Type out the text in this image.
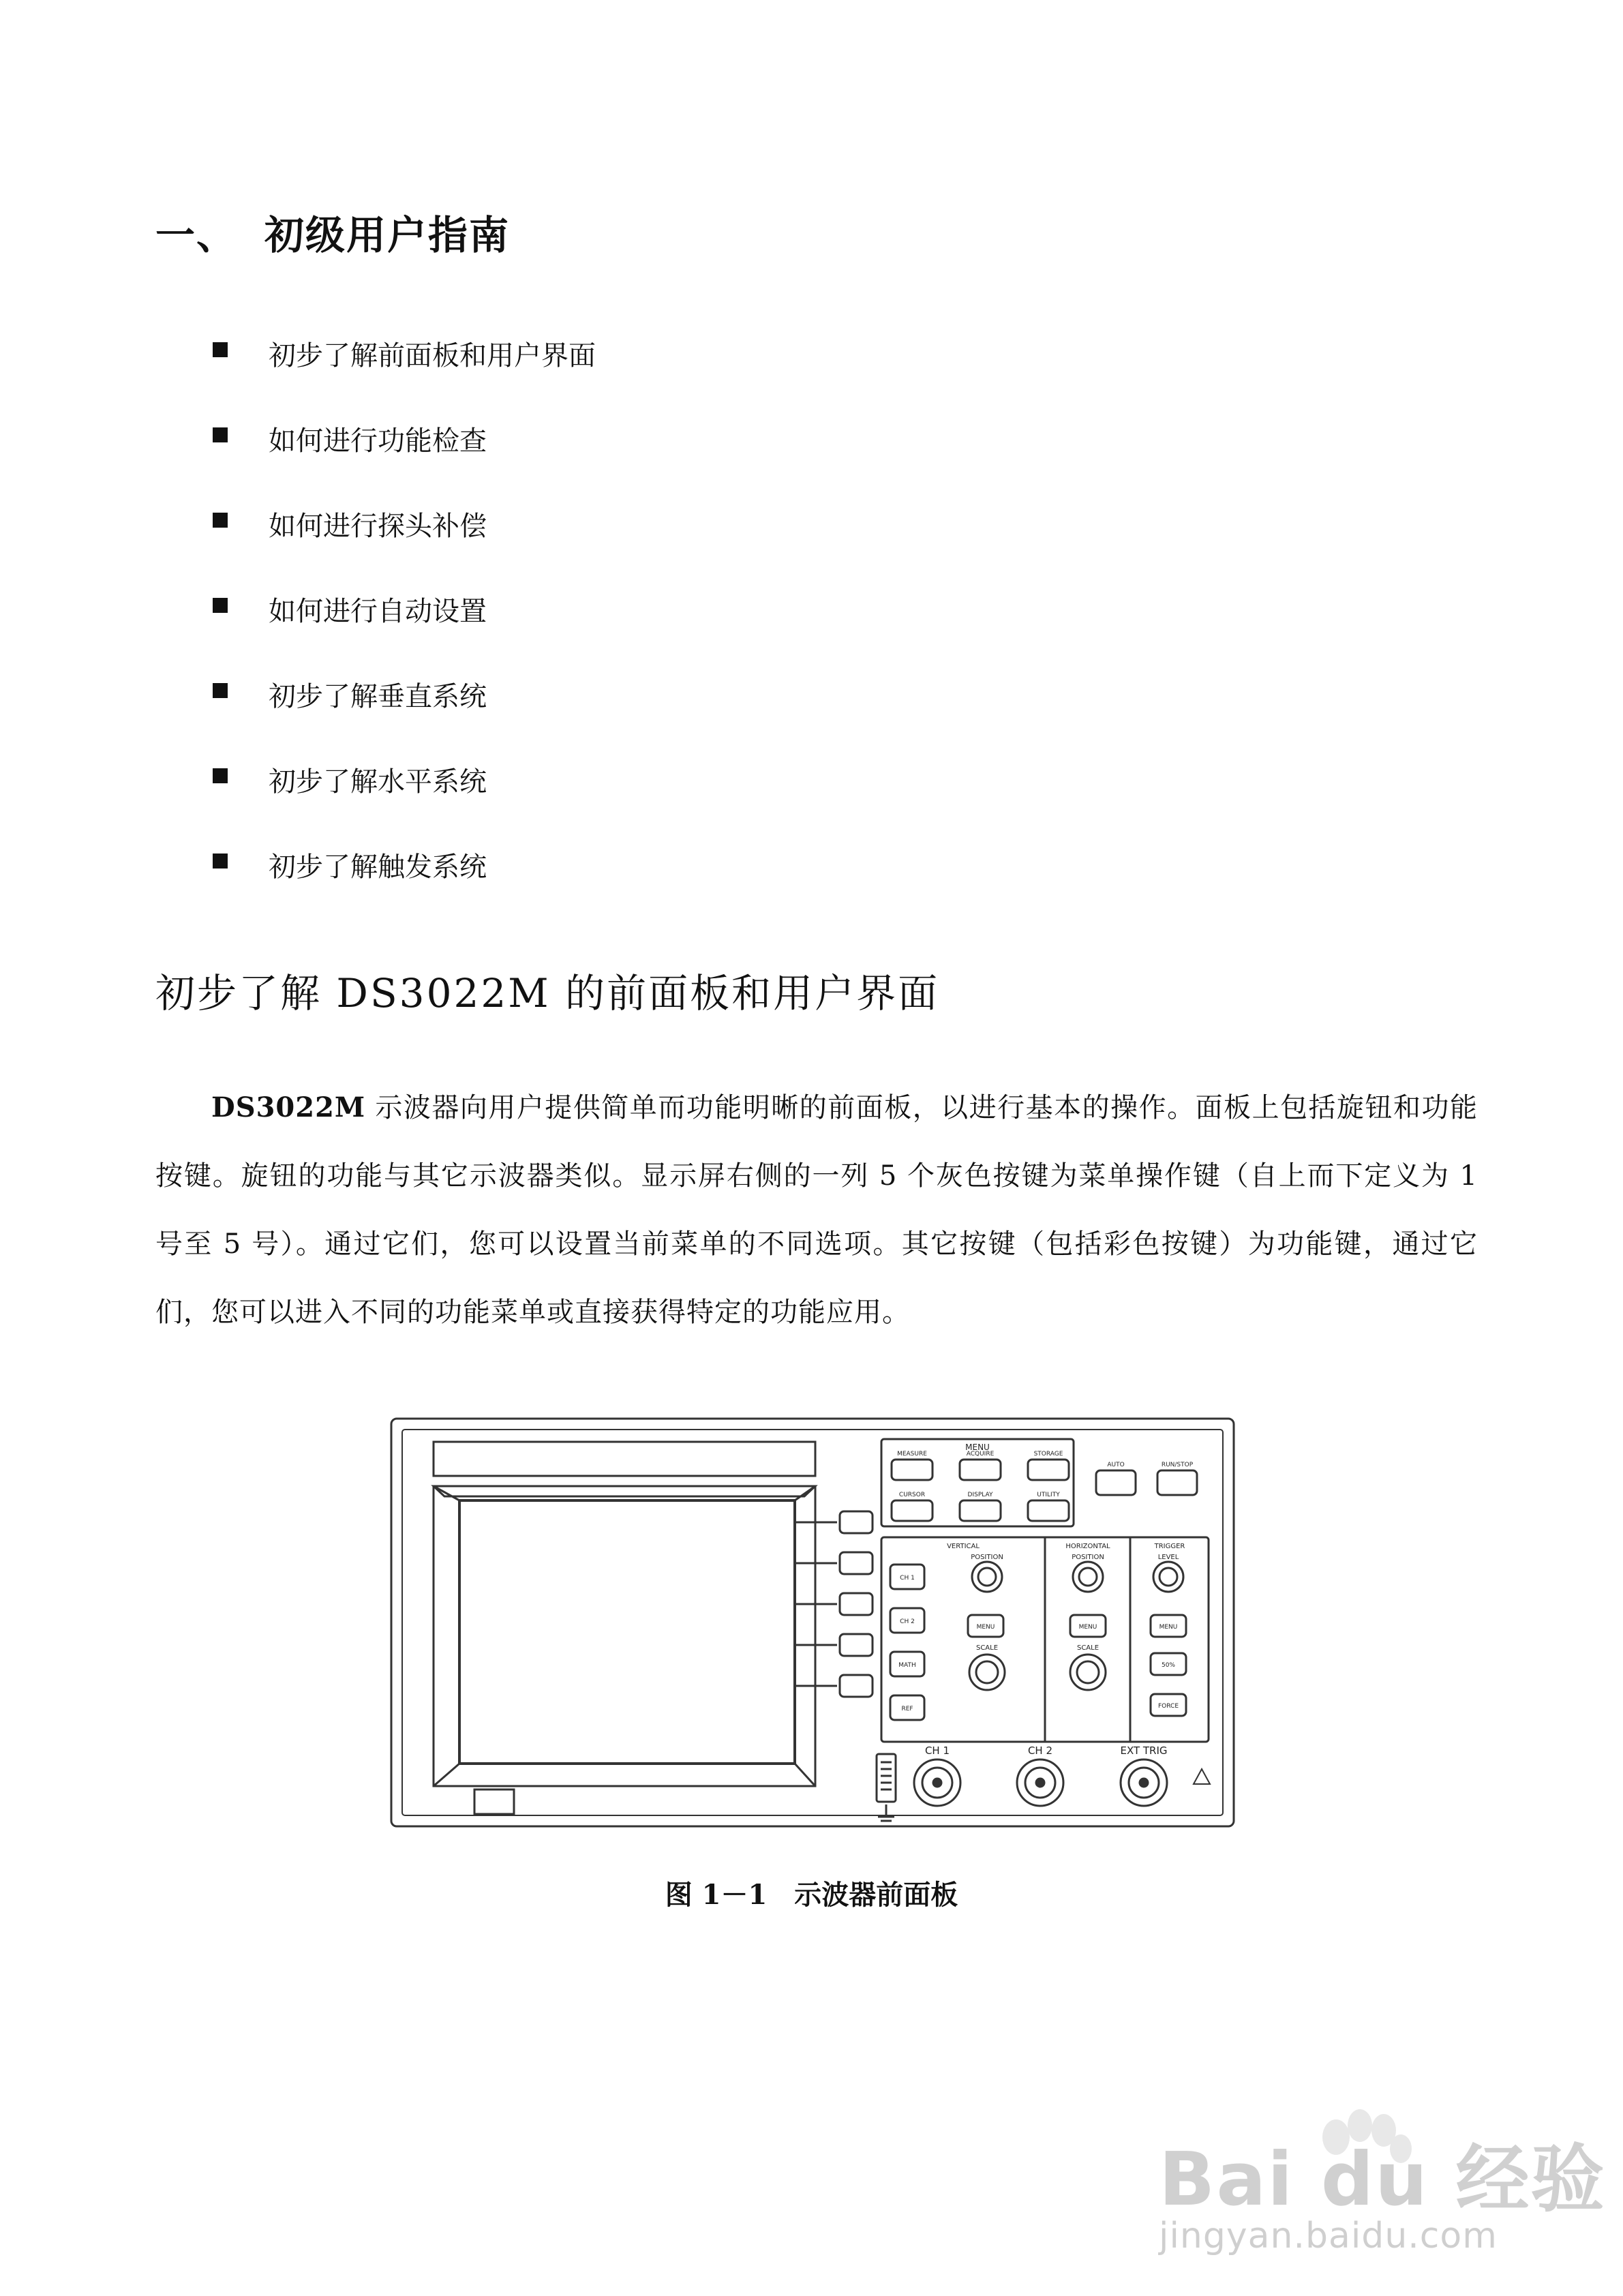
一、 初级用户指南
初步了解前面板和用户界面
如何进行功能检查
如何进行探头补偿
如何进行自动设置
初步了解垂直系统
初步了解水平系统
初步了解触发系统
初步了解 DS3022M 的前面板和用户界面
DS3022M 示波器向用户提供简单而功能明晰的前面板，以进行基本的操作。面板上包括旋钮和功能按键。旋钮的功能与其它示波器类似。显示屏右侧的一列 5 个灰色按键为菜单操作键（自上而下定义为 1 号至 5 号）。通过它们，您可以设置当前菜单的不同选项。其它按键（包括彩色按键）为功能键，通过它们，您可以进入不同的功能菜单或直接获得特定的功能应用。
MENU
MEASURE	ACQUIRE	STORAGE
CURSOR	DISPLAY	UTILITY
AUTO	RUN/STOP
VERTICAL	HORIZONTAL	TRIGGER
POSITION	POSITION	LEVEL
SCALE	SCALE
CH 1
CH 2
MATH
REF
MENU	MENU	MENU
50%
FORCE
CH 1	CH 2	EXT TRIG
图 1－1　示波器前面板
Bai du 经验
jingyan.baidu.com
